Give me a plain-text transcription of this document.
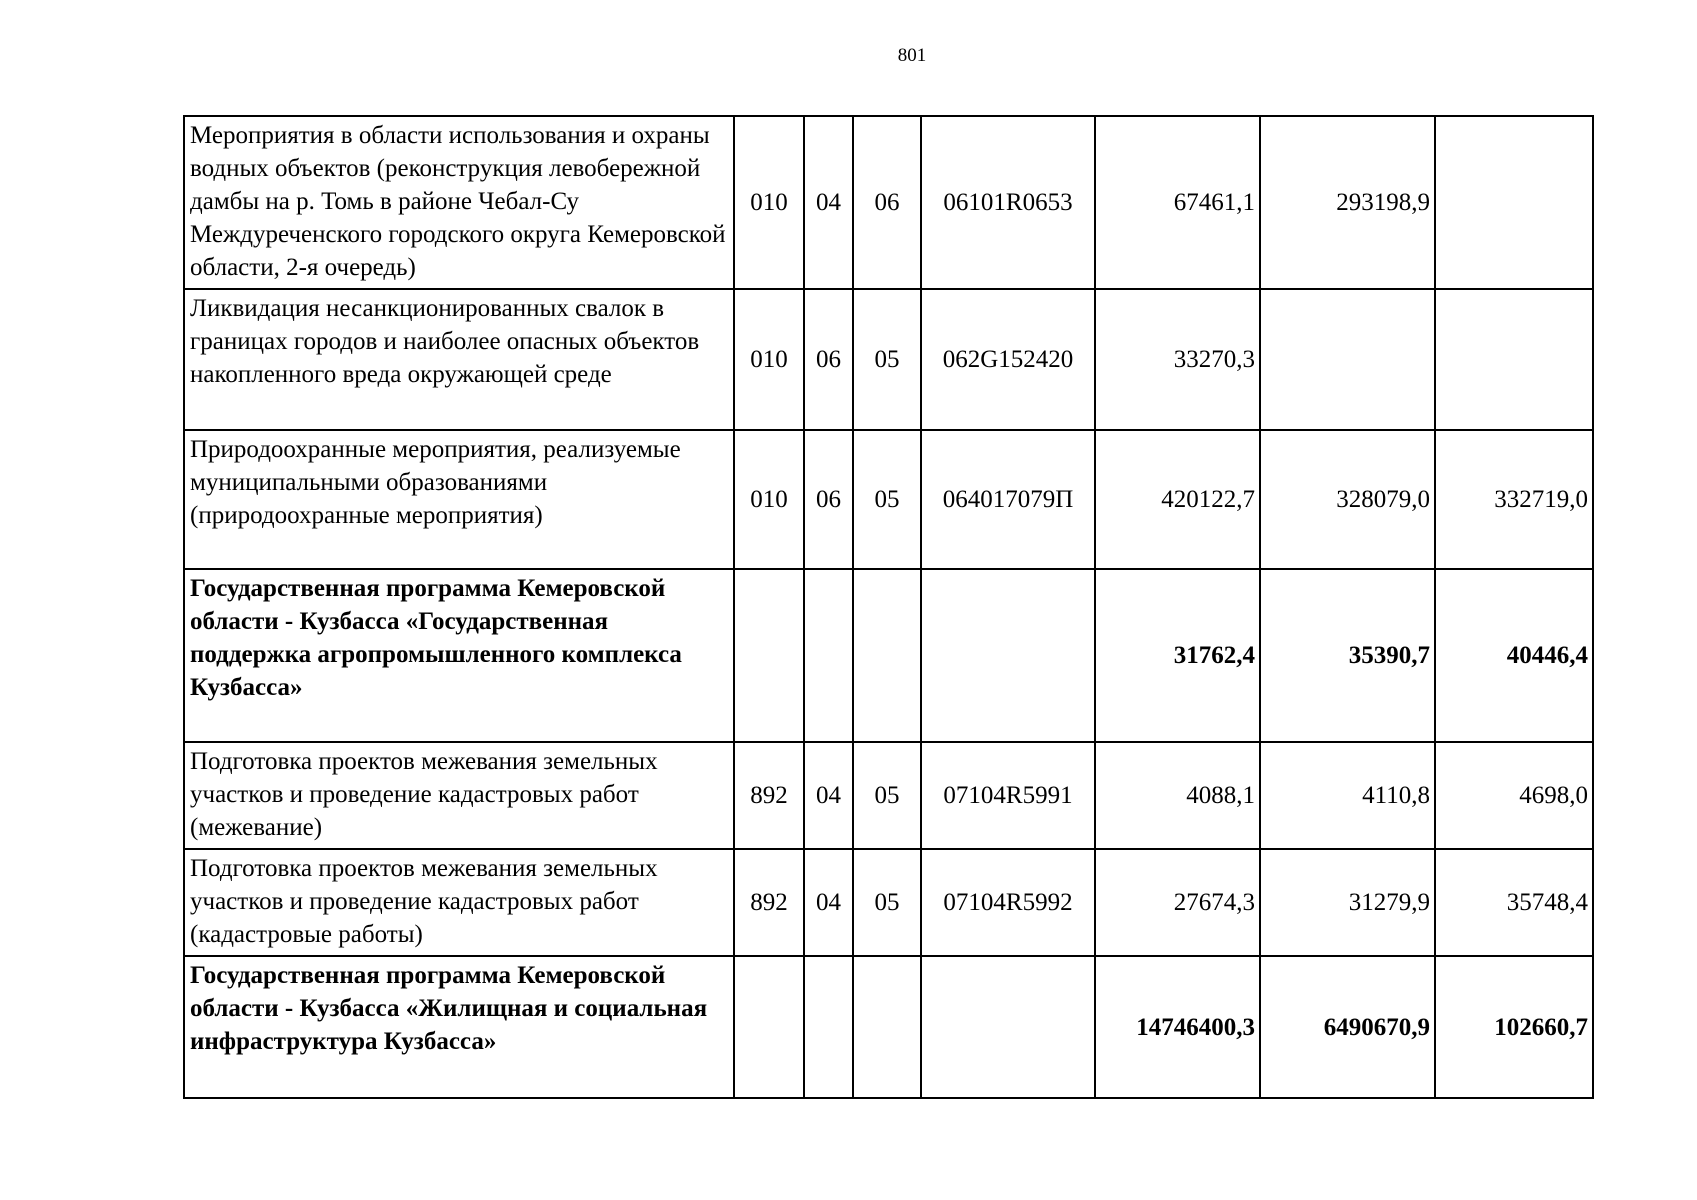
801
Мероприятия в области использования и охраны водных объектов (реконструкция левобережной дамбы на р. Томь в районе Чебал-Су Междуреченского городского округа Кемеровской области, 2-я очередь)	010	04	06	06101R0653	67461,1	293198,9	
Ликвидация несанкционированных свалок в границах городов и наиболее опасных объектов накопленного вреда окружающей среде	010	06	05	062G152420	33270,3		
Природоохранные мероприятия, реализуемые муниципальными образованиями (природоохранные мероприятия)	010	06	05	064017079П	420122,7	328079,0	332719,0
Государственная программа Кемеровской области - Кузбасса «Государственная поддержка агропромышленного комплекса Кузбасса»					31762,4	35390,7	40446,4
Подготовка проектов межевания земельных участков и проведение кадастровых работ (межевание)	892	04	05	07104R5991	4088,1	4110,8	4698,0
Подготовка проектов межевания земельных участков и проведение кадастровых работ (кадастровые работы)	892	04	05	07104R5992	27674,3	31279,9	35748,4
Государственная программа Кемеровской области - Кузбасса «Жилищная и социальная инфраструктура Кузбасса»					14746400,3	6490670,9	102660,7
